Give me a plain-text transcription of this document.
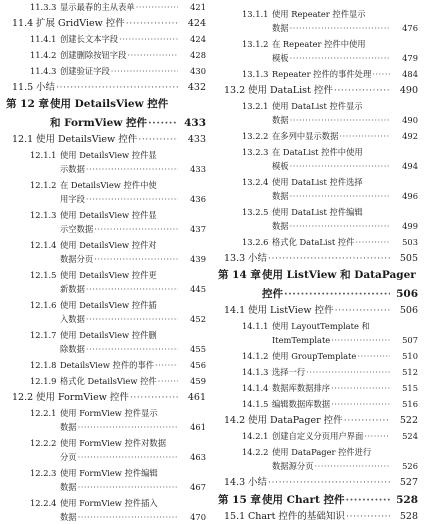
11.3.3 显示最春的主从表单 ·····	421
11.4 扩展 GridView 控件 ·····	424
11.4.1 创建长文本字段 ·····	424
11.4.2 创建删除按钮字段 ·····	428
11.4.3 创建验证字段 ·····	430
11.5 小结 ·····	432
第 12 章 使用 DetailsView 控件
和 FormView 控件 ·····	433
12.1 使用 DetailsView 控件 ·····	433
12.1.1 使用 DetailsView 控件显
示数据 ·····	433
12.1.2 在 DetailsView 控件中使
用字段 ·····	436
12.1.3 使用 DetailsView 控件显
示空数据 ·····	437
12.1.4 使用 DetailsView 控件对
数据分页 ·····	439
12.1.5 使用 DetailsView 控件更
新数据 ·····	445
12.1.6 使用 DetailsView 控件插
入数据 ·····	452
12.1.7 使用 DetailsView 控件删
除数据 ·····	455
12.1.8 DetailsView 控件的事件 ·····	456
12.1.9 格式化 DetailsView 控件 ·····	459
12.2 使用 FormView 控件 ·····	461
12.2.1 使用 FormView 控件显示
数据 ·····	461
12.2.2 使用 FormView 控件对数据
分页 ·····	463
12.2.3 使用 FormView 控件编辑
数据 ·····	467
12.2.4 使用 FormView 控件插入
数据 ·····	470
13.1.1 使用 Repeater 控件显示
数据 ·····	476
13.1.2 在 Repeater 控件中使用
模板 ·····	479
13.1.3 Repeater 控件的事件处理 ·····	484
13.2 使用 DataList 控件 ·····	490
13.2.1 使用 DataList 控件显示
数据 ·····	490
13.2.2 在多列中显示数据 ·····	492
13.2.3 在 DataList 控件中使用
模板 ·····	494
13.2.4 使用 DataList 控件选择
数据 ·····	496
13.2.5 使用 DataList 控件编辑
数据 ·····	499
13.2.6 格式化 DataList 控件 ·····	503
13.3 小结 ·····	505
第 14 章 使用 ListView 和 DataPager
控件 ·····	506
14.1 使用 ListView 控件 ·····	506
14.1.1 使用 LayoutTemplate 和
ItemTemplate ·····	507
14.1.2 使用 GroupTemplate ·····	510
14.1.3 选择一行 ·····	512
14.1.4 数据库数据排序 ·····	515
14.1.5 编辑数据库数据 ·····	516
14.2 使用 DataPager 控件 ·····	522
14.2.1 创建自定义分页用户界面 ·····	524
14.2.2 使用 DataPager 控件进行
数据源分页 ·····	526
14.3 小结 ·····	527
第 15 章 使用 Chart 控件 ·····	528
15.1 Chart 控件的基础知识 ·····	528
